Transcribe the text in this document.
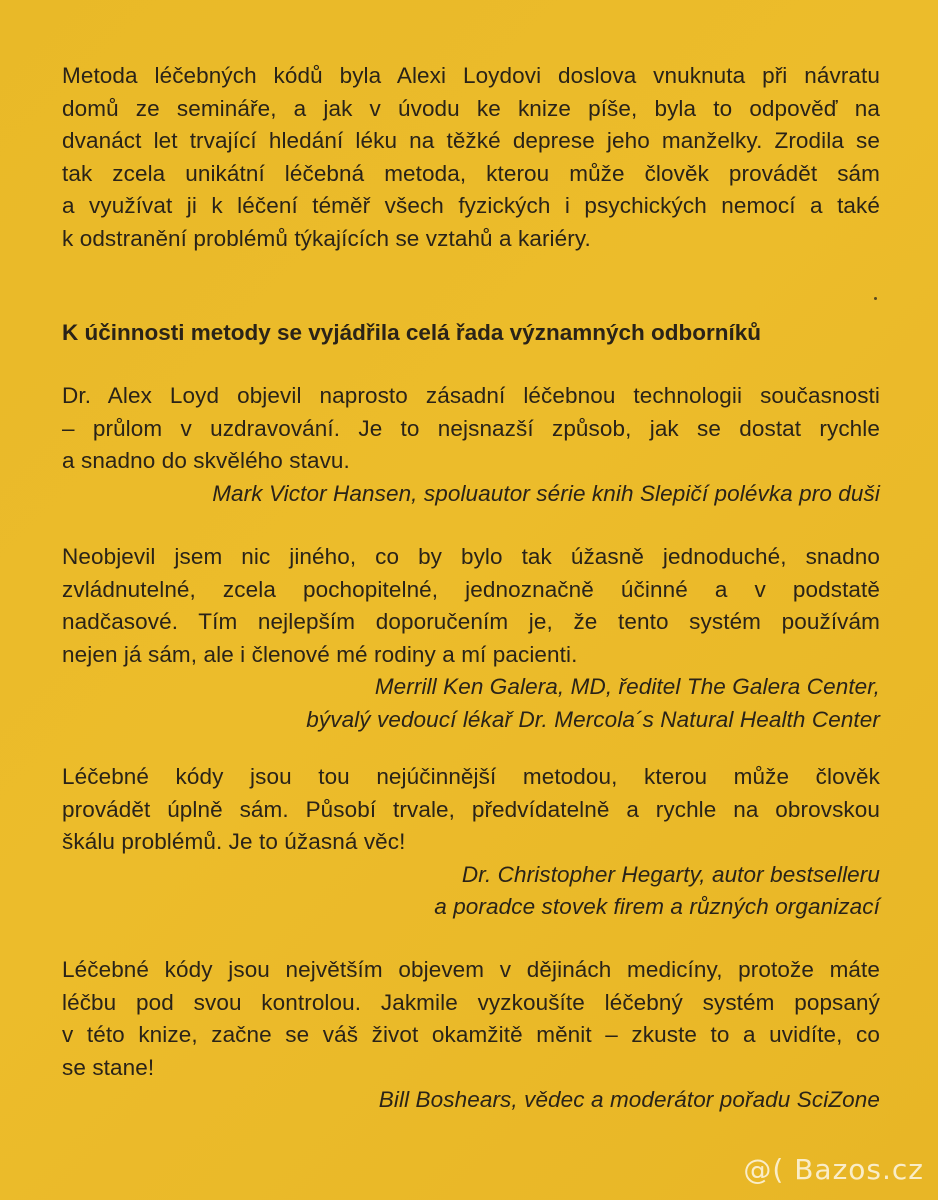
Metoda léčebných kódů byla Alexi Loydovi doslova vnuknuta při návratu
domů ze semináře, a jak v úvodu ke knize píše, byla to odpověď na
dvanáct let trvající hledání léku na těžké deprese jeho manželky. Zrodila se
tak zcela unikátní léčebná metoda, kterou může člověk provádět sám
a využívat ji k léčení téměř všech fyzických i psychických nemocí a také
k odstranění problémů týkajících se vztahů a kariéry.
K účinnosti metody se vyjádřila celá řada významných odborníků
Dr. Alex Loyd objevil naprosto zásadní léčebnou technologii současnosti
– průlom v uzdravování. Je to nejsnazší způsob, jak se dostat rychle
a snadno do skvělého stavu.
Mark Victor Hansen, spoluautor série knih Slepičí polévka pro duši
Neobjevil jsem nic jiného, co by bylo tak úžasně jednoduché, snadno
zvládnutelné, zcela pochopitelné, jednoznačně účinné a v podstatě
nadčasové. Tím nejlepším doporučením je, že tento systém používám
nejen já sám, ale i členové mé rodiny a mí pacienti.
Merrill Ken Galera, MD, ředitel The Galera Center,
bývalý vedoucí lékař Dr. Mercola´s Natural Health Center
Léčebné kódy jsou tou nejúčinnější metodou, kterou může člověk
provádět úplně sám. Působí trvale, předvídatelně a rychle na obrovskou
škálu problémů. Je to úžasná věc!
Dr. Christopher Hegarty, autor bestselleru
a poradce stovek firem a různých organizací
Léčebné kódy jsou největším objevem v dějinách medicíny, protože máte
léčbu pod svou kontrolou. Jakmile vyzkoušíte léčebný systém popsaný
v této knize, začne se váš život okamžitě měnit – zkuste to a uvidíte, co
se stane!
Bill Boshears, vědec a moderátor pořadu SciZone
@( Bazos.cz
